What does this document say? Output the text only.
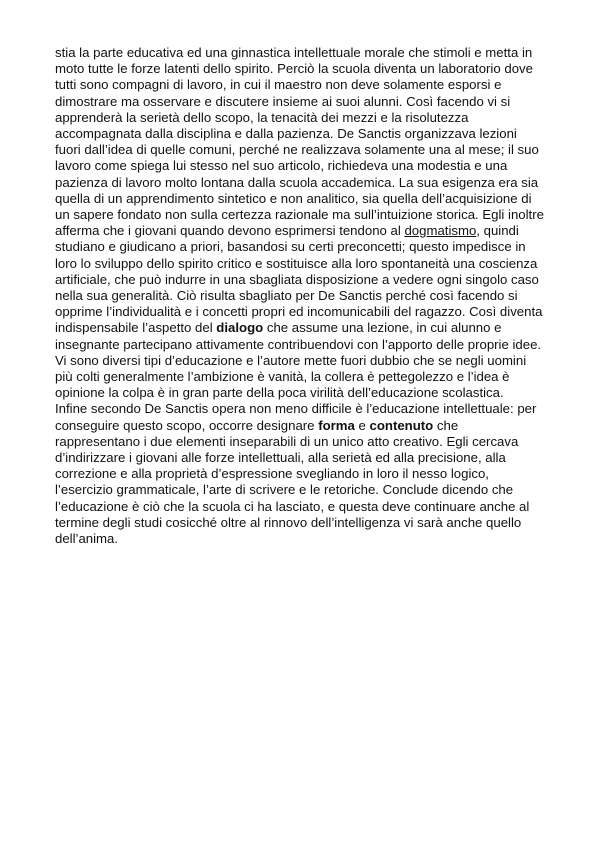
stia la parte educativa ed una ginnastica intellettuale morale che stimoli e metta in moto tutte le forze latenti dello spirito. Perciò la scuola diventa un laboratorio dove tutti sono compagni di lavoro, in cui il maestro non deve solamente esporsi e dimostrare ma osservare e discutere insieme ai suoi alunni. Così facendo vi si apprenderà la serietà dello scopo, la tenacità dei mezzi e la risolutezza accompagnata dalla disciplina e dalla pazienza. De Sanctis organizzava lezioni fuori dall’idea di quelle comuni, perché ne realizzava solamente una al mese; il suo lavoro come spiega lui stesso nel suo articolo, richiedeva una modestia e una pazienza di lavoro molto lontana dalla scuola accademica. La sua esigenza era sia quella di un apprendimento sintetico e non analitico, sia quella dell’acquisizione di un sapere fondato non sulla certezza razionale ma sull’intuizione storica. Egli inoltre afferma che i giovani quando devono esprimersi tendono al dogmatismo, quindi studiano e giudicano a priori, basandosi su certi preconcetti; questo impedisce in loro lo sviluppo dello spirito critico e sostituisce alla loro spontaneità una coscienza artificiale, che può indurre in una sbagliata disposizione a vedere ogni singolo caso nella sua generalità. Ciò risulta sbagliato per De Sanctis perché così facendo si opprime l’individualità e i concetti propri ed incomunicabili del ragazzo. Così diventa indispensabile l’aspetto del dialogo che assume una lezione, in cui alunno e insegnante partecipano attivamente contribuendovi con l’apporto delle proprie idee.

Vi sono diversi tipi d’educazione e l’autore mette fuori dubbio che se negli uomini più colti generalmente l’ambizione è vanità, la collera è pettegolezzo e l’idea è opinione la colpa è in gran parte della poca virilità dell’educazione scolastica.

Infine secondo De Sanctis opera non meno difficile è l’educazione intellettuale: per conseguire questo scopo, occorre designare forma e contenuto che rappresentano i due elementi inseparabili di un unico atto creativo. Egli cercava d’indirizzare i giovani alle forze intellettuali, alla serietà ed alla precisione, alla correzione e alla proprietà d’espressione svegliando in loro il nesso logico, l’esercizio grammaticale, l’arte di scrivere e le retoriche. Conclude dicendo che l’educazione è ciò che la scuola ci ha lasciato, e questa deve continuare anche al termine degli studi cosicché oltre al rinnovo dell’intelligenza vi sarà anche quello dell’anima.
